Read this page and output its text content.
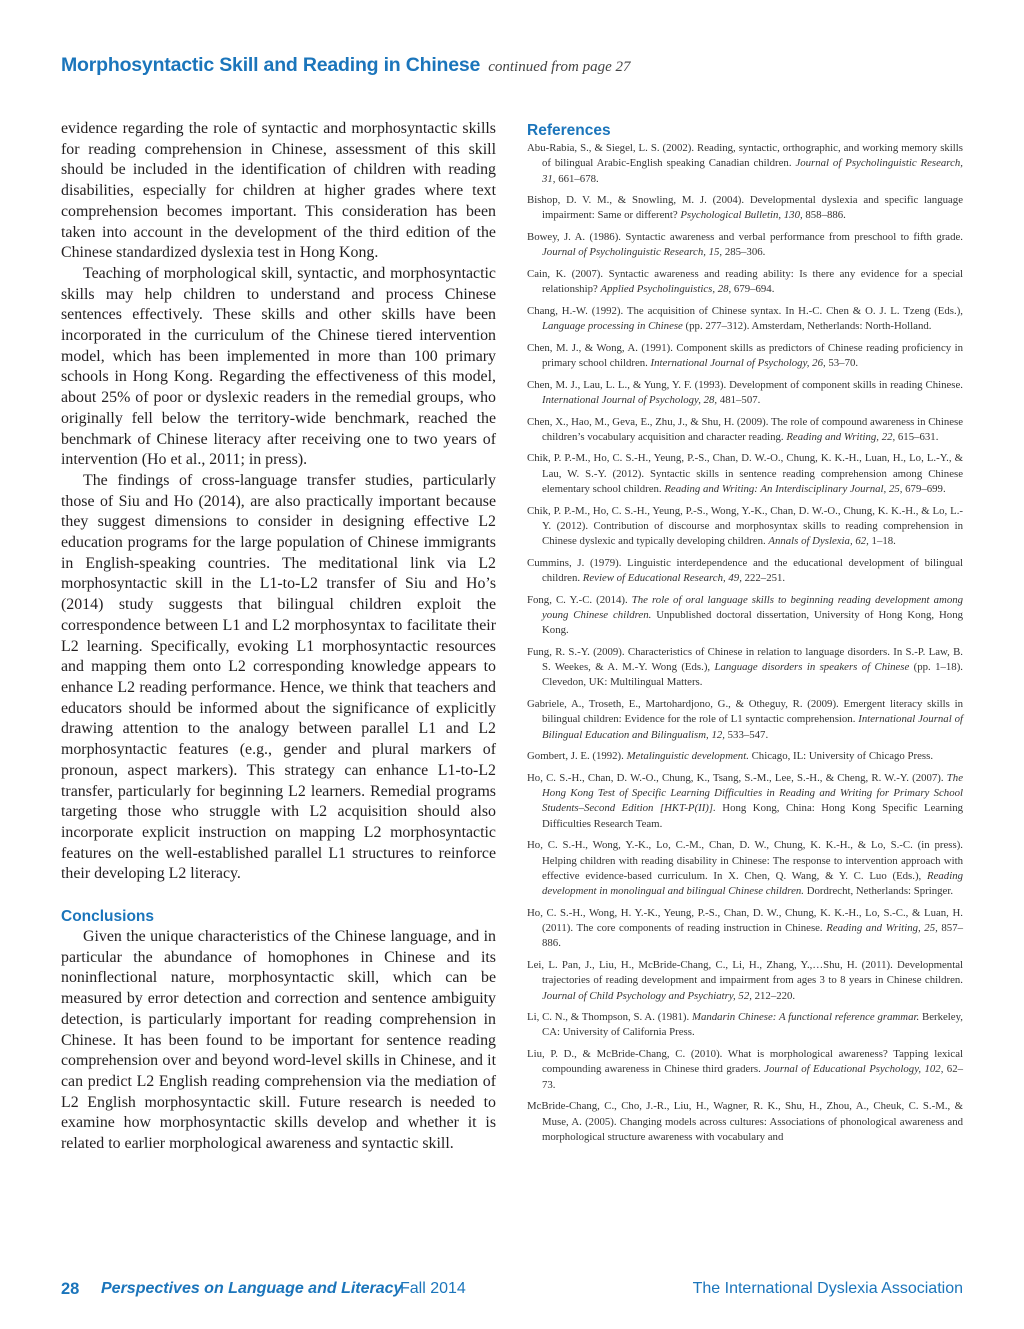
Morphosyntactic Skill and Reading in Chinese continued from page 27

evidence regarding the role of syntactic and morphosyntactic skills for reading comprehension in Chinese, assessment of this skill should be included in the identification of children with reading disabilities, especially for children at higher grades where text comprehension becomes important. This consideration has been taken into account in the development of the third edition of the Chinese standardized dyslexia test in Hong Kong.

Teaching of morphological skill, syntactic, and morphosyntactic skills may help children to understand and process Chinese sentences effectively. These skills and other skills have been incorporated in the curriculum of the Chinese tiered intervention model, which has been implemented in more than 100 primary schools in Hong Kong. Regarding the effectiveness of this model, about 25% of poor or dyslexic readers in the remedial groups, who originally fell below the territory-wide benchmark, reached the benchmark of Chinese literacy after receiving one to two years of intervention (Ho et al., 2011; in press).

The findings of cross-language transfer studies, particularly those of Siu and Ho (2014), are also practically important because they suggest dimensions to consider in designing effective L2 education programs for the large population of Chinese immigrants in English-speaking countries. The meditational link via L2 morphosyntactic skill in the L1-to-L2 transfer of Siu and Ho’s (2014) study suggests that bilingual children exploit the correspondence between L1 and L2 morphosyntax to facilitate their L2 learning. Specifically, evoking L1 morphosyntactic resources and mapping them onto L2 corresponding knowledge appears to enhance L2 reading performance. Hence, we think that teachers and educators should be informed about the significance of explicitly drawing attention to the analogy between parallel L1 and L2 morphosyntactic features (e.g., gender and plural markers of pronoun, aspect markers). This strategy can enhance L1-to-L2 transfer, particularly for beginning L2 learners. Remedial programs targeting those who struggle with L2 acquisition should also incorporate explicit instruction on mapping L2 morphosyntactic features on the well-established parallel L1 structures to reinforce their developing L2 literacy.

Conclusions

Given the unique characteristics of the Chinese language, and in particular the abundance of homophones in Chinese and its noninflectional nature, morphosyntactic skill, which can be measured by error detection and correction and sentence ambiguity detection, is particularly important for reading comprehension in Chinese. It has been found to be important for sentence reading comprehension over and beyond word-level skills in Chinese, and it can predict L2 English reading comprehension via the mediation of L2 English morphosyntactic skill. Future research is needed to examine how morphosyntactic skills develop and whether it is related to earlier morphological awareness and syntactic skill.

References

Abu-Rabia, S., & Siegel, L. S. (2002). Reading, syntactic, orthographic, and working memory skills of bilingual Arabic-English speaking Canadian children. Journal of Psycholinguistic Research, 31, 661–678.

Bishop, D. V. M., & Snowling, M. J. (2004). Developmental dyslexia and specific language impairment: Same or different? Psychological Bulletin, 130, 858–886.

Bowey, J. A. (1986). Syntactic awareness and verbal performance from preschool to fifth grade. Journal of Psycholinguistic Research, 15, 285–306.

Cain, K. (2007). Syntactic awareness and reading ability: Is there any evidence for a special relationship? Applied Psycholinguistics, 28, 679–694.

Chang, H.-W. (1992). The acquisition of Chinese syntax. In H.-C. Chen & O. J. L. Tzeng (Eds.), Language processing in Chinese (pp. 277–312). Amsterdam, Netherlands: North-Holland.

Chen, M. J., & Wong, A. (1991). Component skills as predictors of Chinese reading proficiency in primary school children. International Journal of Psychology, 26, 53–70.

Chen, M. J., Lau, L. L., & Yung, Y. F. (1993). Development of component skills in reading Chinese. International Journal of Psychology, 28, 481–507.

Chen, X., Hao, M., Geva, E., Zhu, J., & Shu, H. (2009). The role of compound awareness in Chinese children’s vocabulary acquisition and character reading. Reading and Writing, 22, 615–631.

Chik, P. P.-M., Ho, C. S.-H., Yeung, P.-S., Chan, D. W.-O., Chung, K. K.-H., Luan, H., Lo, L.-Y., & Lau, W. S.-Y. (2012). Syntactic skills in sentence reading comprehension among Chinese elementary school children. Reading and Writing: An Interdisciplinary Journal, 25, 679–699.

Chik, P. P.-M., Ho, C. S.-H., Yeung, P.-S., Wong, Y.-K., Chan, D. W.-O., Chung, K. K.-H., & Lo, L.-Y. (2012). Contribution of discourse and morphosyntax skills to reading comprehension in Chinese dyslexic and typically developing children. Annals of Dyslexia, 62, 1–18.

Cummins, J. (1979). Linguistic interdependence and the educational development of bilingual children. Review of Educational Research, 49, 222–251.

Fong, C. Y.-C. (2014). The role of oral language skills to beginning reading development among young Chinese children. Unpublished doctoral dissertation, University of Hong Kong, Hong Kong.

Fung, R. S.-Y. (2009). Characteristics of Chinese in relation to language disorders. In S.-P. Law, B. S. Weekes, & A. M.-Y. Wong (Eds.), Language disorders in speakers of Chinese (pp. 1–18). Clevedon, UK: Multilingual Matters.

Gabriele, A., Troseth, E., Martohardjono, G., & Otheguy, R. (2009). Emergent literacy skills in bilingual children: Evidence for the role of L1 syntactic comprehension. International Journal of Bilingual Education and Bilingualism, 12, 533–547.

Gombert, J. E. (1992). Metalinguistic development. Chicago, IL: University of Chicago Press.

Ho, C. S.-H., Chan, D. W.-O., Chung, K., Tsang, S.-M., Lee, S.-H., & Cheng, R. W.-Y. (2007). The Hong Kong Test of Specific Learning Difficulties in Reading and Writing for Primary School Students–Second Edition [HKT-P(II)]. Hong Kong, China: Hong Kong Specific Learning Difficulties Research Team.

Ho, C. S.-H., Wong, Y.-K., Lo, C.-M., Chan, D. W., Chung, K. K.-H., & Lo, S.-C. (in press). Helping children with reading disability in Chinese: The response to intervention approach with effective evidence-based curriculum. In X. Chen, Q. Wang, & Y. C. Luo (Eds.), Reading development in monolingual and bilingual Chinese children. Dordrecht, Netherlands: Springer.

Ho, C. S.-H., Wong, H. Y.-K., Yeung, P.-S., Chan, D. W., Chung, K. K.-H., Lo, S.-C., & Luan, H. (2011). The core components of reading instruction in Chinese. Reading and Writing, 25, 857–886.

Lei, L. Pan, J., Liu, H., McBride-Chang, C., Li, H., Zhang, Y.,…Shu, H. (2011). Developmental trajectories of reading development and impairment from ages 3 to 8 years in Chinese children. Journal of Child Psychology and Psychiatry, 52, 212–220.

Li, C. N., & Thompson, S. A. (1981). Mandarin Chinese: A functional reference grammar. Berkeley, CA: University of California Press.

Liu, P. D., & McBride-Chang, C. (2010). What is morphological awareness? Tapping lexical compounding awareness in Chinese third graders. Journal of Educational Psychology, 102, 62–73.

McBride-Chang, C., Cho, J.-R., Liu, H., Wagner, R. K., Shu, H., Zhou, A., Cheuk, C. S.-M., & Muse, A. (2005). Changing models across cultures: Associations of phonological awareness and morphological structure awareness with vocabulary and

28 Perspectives on Language and Literacy
Fall 2014	The International Dyslexia Association
